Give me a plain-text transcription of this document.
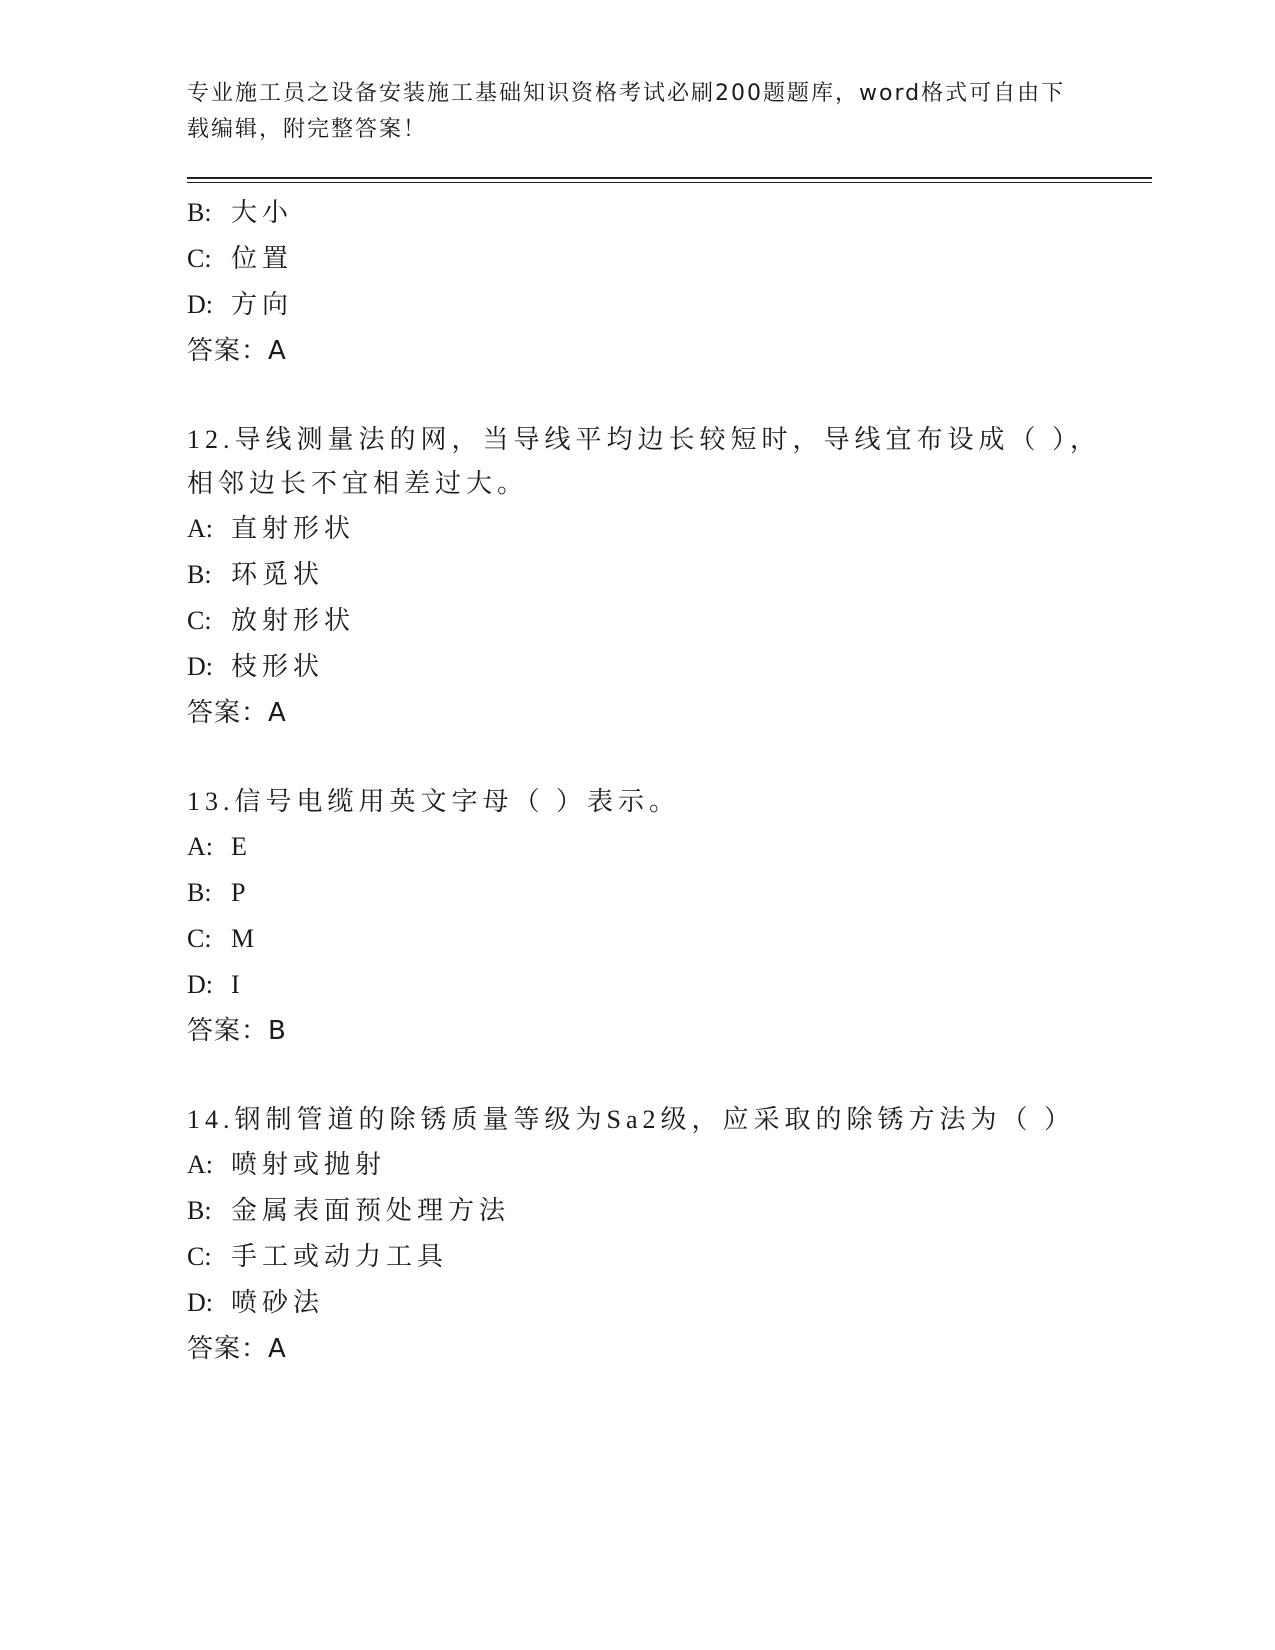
专业施工员之设备安装施工基础知识资格考试必刷200题题库，word格式可自由下载编辑，附完整答案！
B: 大小
C: 位置
D: 方向
答案：A
12.导线测量法的网，当导线平均边长较短时，导线宜布设成（ ），
相邻边长不宜相差过大。
A: 直射形状
B: 环觅状
C: 放射形状
D: 枝形状
答案：A
13.信号电缆用英文字母（ ）表示。
A: E
B: P
C: M
D: I
答案：B
14.钢制管道的除锈质量等级为Sa2级，应采取的除锈方法为（ ）
A: 喷射或抛射
B: 金属表面预处理方法
C: 手工或动力工具
D: 喷砂法
答案：A
